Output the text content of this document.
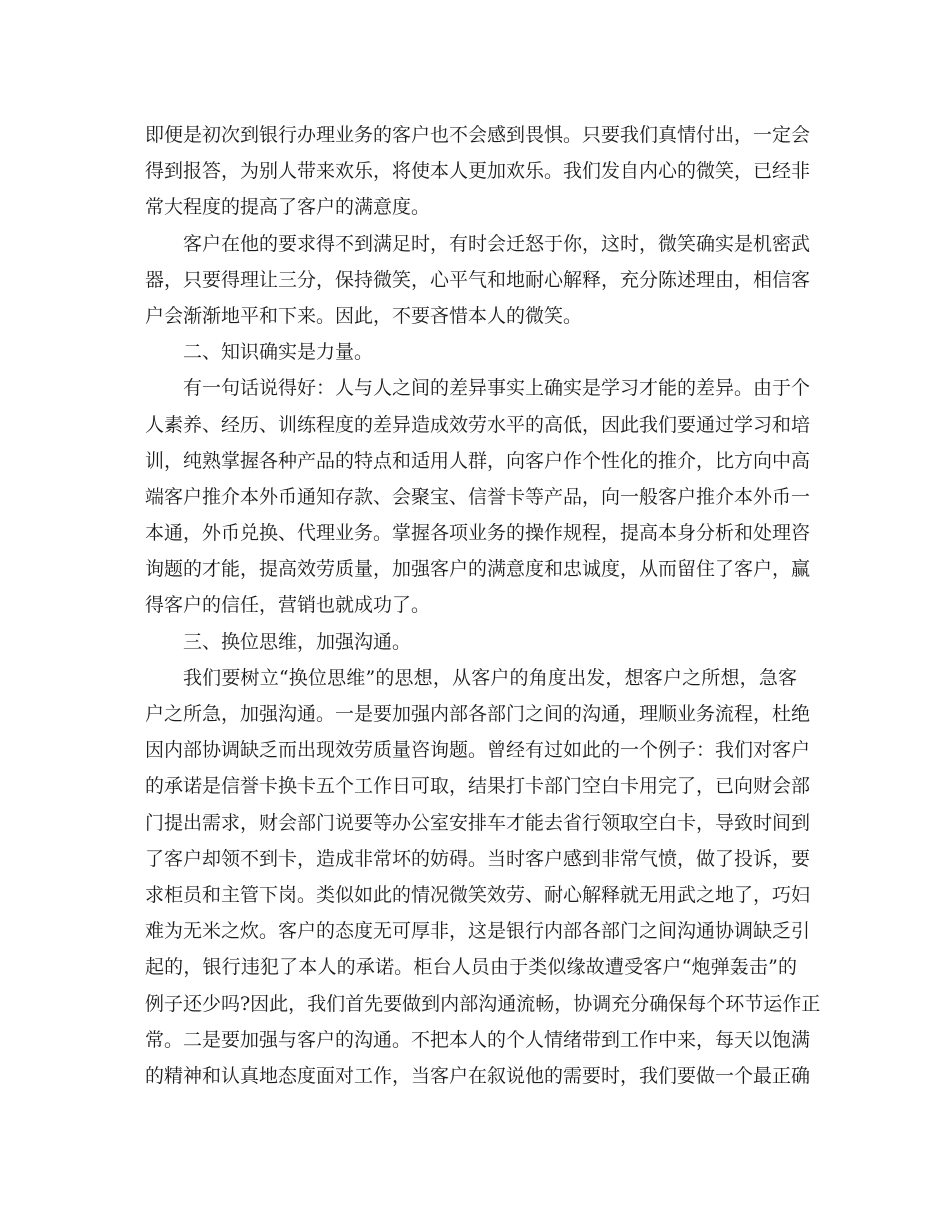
即便是初次到银行办理业务的客户也不会感到畏惧。只要我们真情付出，一定会
得到报答，为别人带来欢乐，将使本人更加欢乐。我们发自内心的微笑，已经非
常大程度的提高了客户的满意度。
客户在他的要求得不到满足时，有时会迁怒于你，这时，微笑确实是机密武
器，只要得理让三分，保持微笑，心平气和地耐心解释，充分陈述理由，相信客
户会渐渐地平和下来。因此，不要吝惜本人的微笑。
二、知识确实是力量。
有一句话说得好：人与人之间的差异事实上确实是学习才能的差异。由于个
人素养、经历、训练程度的差异造成效劳水平的高低，因此我们要通过学习和培
训，纯熟掌握各种产品的特点和适用人群，向客户作个性化的推介，比方向中高
端客户推介本外币通知存款、会聚宝、信誉卡等产品，向一般客户推介本外币一
本通，外币兑换、代理业务。掌握各项业务的操作规程，提高本身分析和处理咨
询题的才能，提高效劳质量，加强客户的满意度和忠诚度，从而留住了客户，赢
得客户的信任，营销也就成功了。
三、换位思维，加强沟通。
我们要树立“换位思维”的思想，从客户的角度出发，想客户之所想，急客
户之所急，加强沟通。一是要加强内部各部门之间的沟通，理顺业务流程，杜绝
因内部协调缺乏而出现效劳质量咨询题。曾经有过如此的一个例子：我们对客户
的承诺是信誉卡换卡五个工作日可取，结果打卡部门空白卡用完了，已向财会部
门提出需求，财会部门说要等办公室安排车才能去省行领取空白卡，导致时间到
了客户却领不到卡，造成非常坏的妨碍。当时客户感到非常气愤，做了投诉，要
求柜员和主管下岗。类似如此的情况微笑效劳、耐心解释就无用武之地了，巧妇
难为无米之炊。客户的态度无可厚非，这是银行内部各部门之间沟通协调缺乏引
起的，银行违犯了本人的承诺。柜台人员由于类似缘故遭受客户“炮弹轰击”的
例子还少吗?因此，我们首先要做到内部沟通流畅，协调充分确保每个环节运作正
常。二是要加强与客户的沟通。不把本人的个人情绪带到工作中来，每天以饱满
的精神和认真地态度面对工作，当客户在叙说他的需要时，我们要做一个最正确
